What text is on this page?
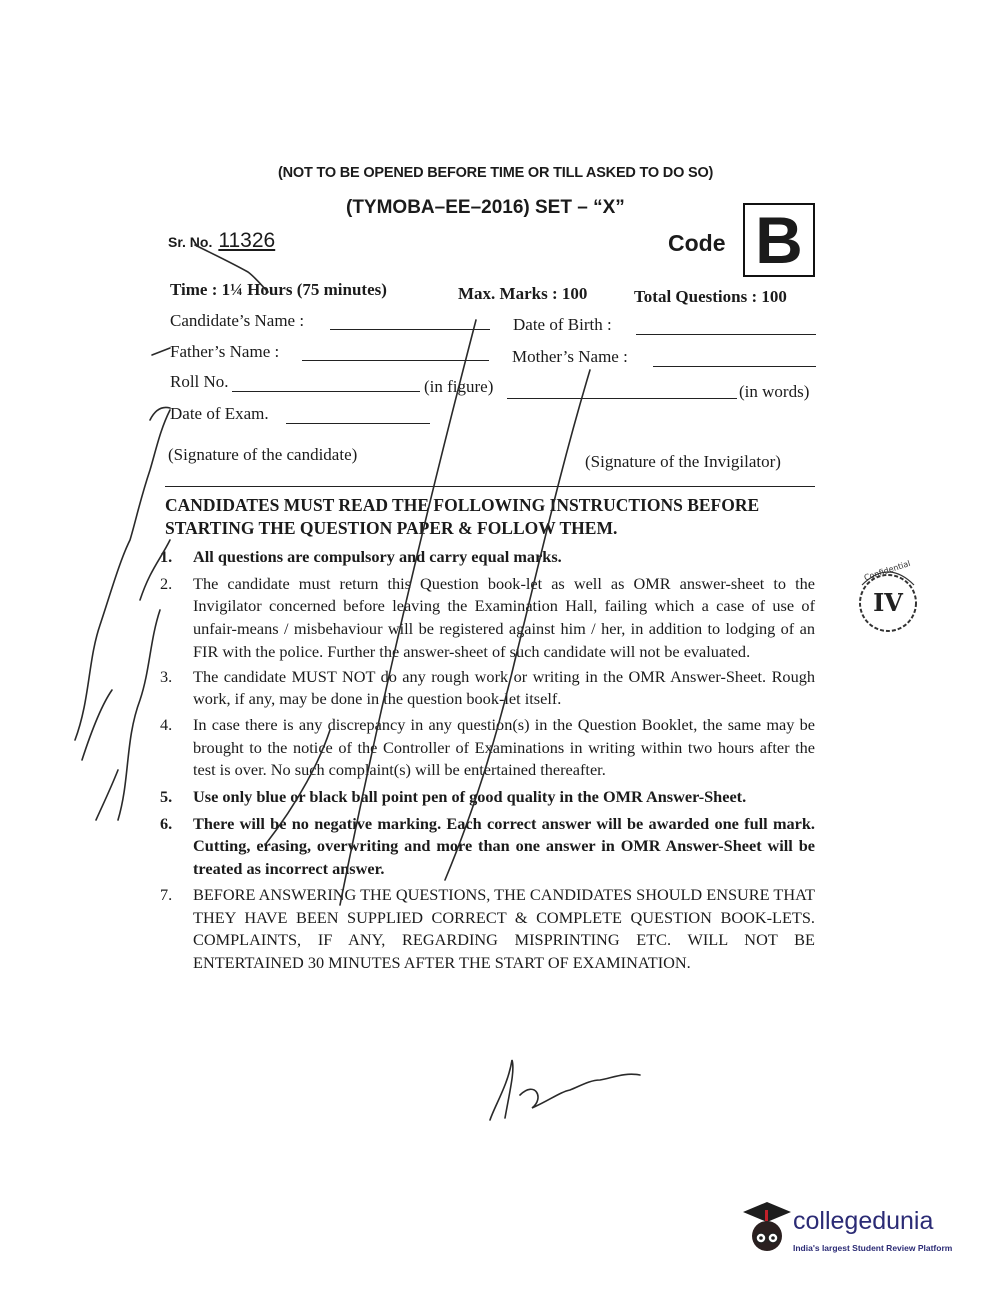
(NOT TO BE OPENED BEFORE TIME OR TILL ASKED TO DO SO)
(TYMOBA–EE–2016) SET – “X”
Sr. No. 11326	Code B
Time : 1¼ Hours (75 minutes)	Max. Marks : 100	Total Questions : 100
Candidate’s Name :	Date of Birth :
Father’s Name :	Mother’s Name :
Roll No.	(in figure)	(in words)
Date of Exam.
(Signature of the candidate)	(Signature of the Invigilator)
CANDIDATES MUST READ THE FOLLOWING INSTRUCTIONS BEFORE STARTING THE QUESTION PAPER & FOLLOW THEM.
1. All questions are compulsory and carry equal marks.
2. The candidate must return this Question book-let as well as OMR answer-sheet to the Invigilator concerned before leaving the Examination Hall, failing which a case of use of unfair-means / misbehaviour will be registered against him / her, in addition to lodging of an FIR with the police. Further the answer-sheet of such candidate will not be evaluated.
3. The candidate MUST NOT do any rough work or writing in the OMR Answer-Sheet. Rough work, if any, may be done in the question book-let itself.
4. In case there is any discrepancy in any question(s) in the Question Booklet, the same may be brought to the notice of the Controller of Examinations in writing within two hours after the test is over. No such complaint(s) will be entertained thereafter.
5. Use only blue or black ball point pen of good quality in the OMR Answer-Sheet.
6. There will be no negative marking. Each correct answer will be awarded one full mark. Cutting, erasing, overwriting and more than one answer in OMR Answer-Sheet will be treated as incorrect answer.
7. BEFORE ANSWERING THE QUESTIONS, THE CANDIDATES SHOULD ENSURE THAT THEY HAVE BEEN SUPPLIED CORRECT & COMPLETE QUESTION BOOK-LETS. COMPLAINTS, IF ANY, REGARDING MISPRINTING ETC. WILL NOT BE ENTERTAINED 30 MINUTES AFTER THE START OF EXAMINATION.
IV
Confidential
collegedunia
India's largest Student Review Platform
